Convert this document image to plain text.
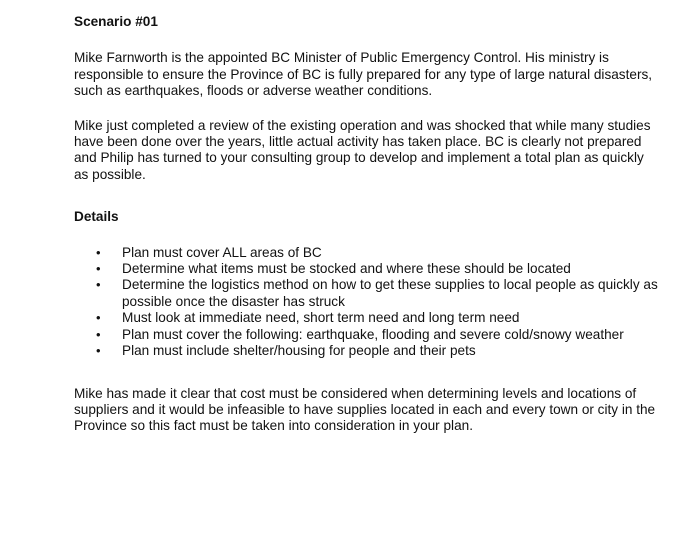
Scenario #01

Mike Farnworth is the appointed BC Minister of Public Emergency Control. His ministry is responsible to ensure the Province of BC is fully prepared for any type of large natural disasters, such as earthquakes, floods or adverse weather conditions.

Mike just completed a review of the existing operation and was shocked that while many studies have been done over the years, little actual activity has taken place. BC is clearly not prepared and Philip has turned to your consulting group to develop and implement a total plan as quickly as possible.

Details
• Plan must cover ALL areas of BC
• Determine what items must be stocked and where these should be located
• Determine the logistics method on how to get these supplies to local people as quickly as possible once the disaster has struck
• Must look at immediate need, short term need and long term need
• Plan must cover the following: earthquake, flooding and severe cold/snowy weather
• Plan must include shelter/housing for people and their pets

Mike has made it clear that cost must be considered when determining levels and locations of suppliers and it would be infeasible to have supplies located in each and every town or city in the Province so this fact must be taken into consideration in your plan.
